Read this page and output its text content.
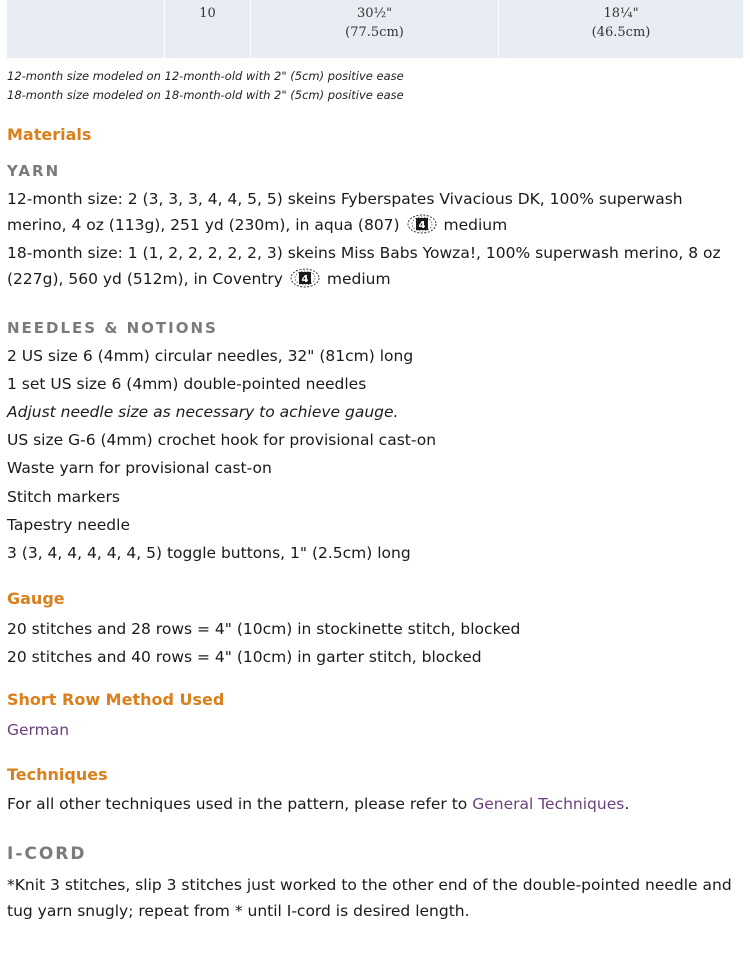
10	30½"
(77.5cm)
18¼"
(46.5cm)
12-month size modeled on 12-month-old with 2" (5cm) positive ease
18-month size modeled on 18-month-old with 2" (5cm) positive ease
Materials
YARN
12-month size: 2 (3, 3, 3, 4, 4, 5, 5) skeins Fyberspates Vivacious DK, 100% superwash merino, 4 oz (113g), 251 yd (230m), in aqua (807) 4 medium
18-month size: 1 (1, 2, 2, 2, 2, 2, 3) skeins Miss Babs Yowza!, 100% superwash merino, 8 oz (227g), 560 yd (512m), in Coventry 4 medium
NEEDLES & NOTIONS
2 US size 6 (4mm) circular needles, 32" (81cm) long
1 set US size 6 (4mm) double-pointed needles
Adjust needle size as necessary to achieve gauge.
US size G-6 (4mm) crochet hook for provisional cast-on
Waste yarn for provisional cast-on
Stitch markers
Tapestry needle
3 (3, 4, 4, 4, 4, 4, 5) toggle buttons, 1" (2.5cm) long
Gauge
20 stitches and 28 rows = 4" (10cm) in stockinette stitch, blocked
20 stitches and 40 rows = 4" (10cm) in garter stitch, blocked
Short Row Method Used
German
Techniques
For all other techniques used in the pattern, please refer to General Techniques.
I-CORD
*Knit 3 stitches, slip 3 stitches just worked to the other end of the double-pointed needle and tug yarn snugly; repeat from * until I-cord is desired length.
